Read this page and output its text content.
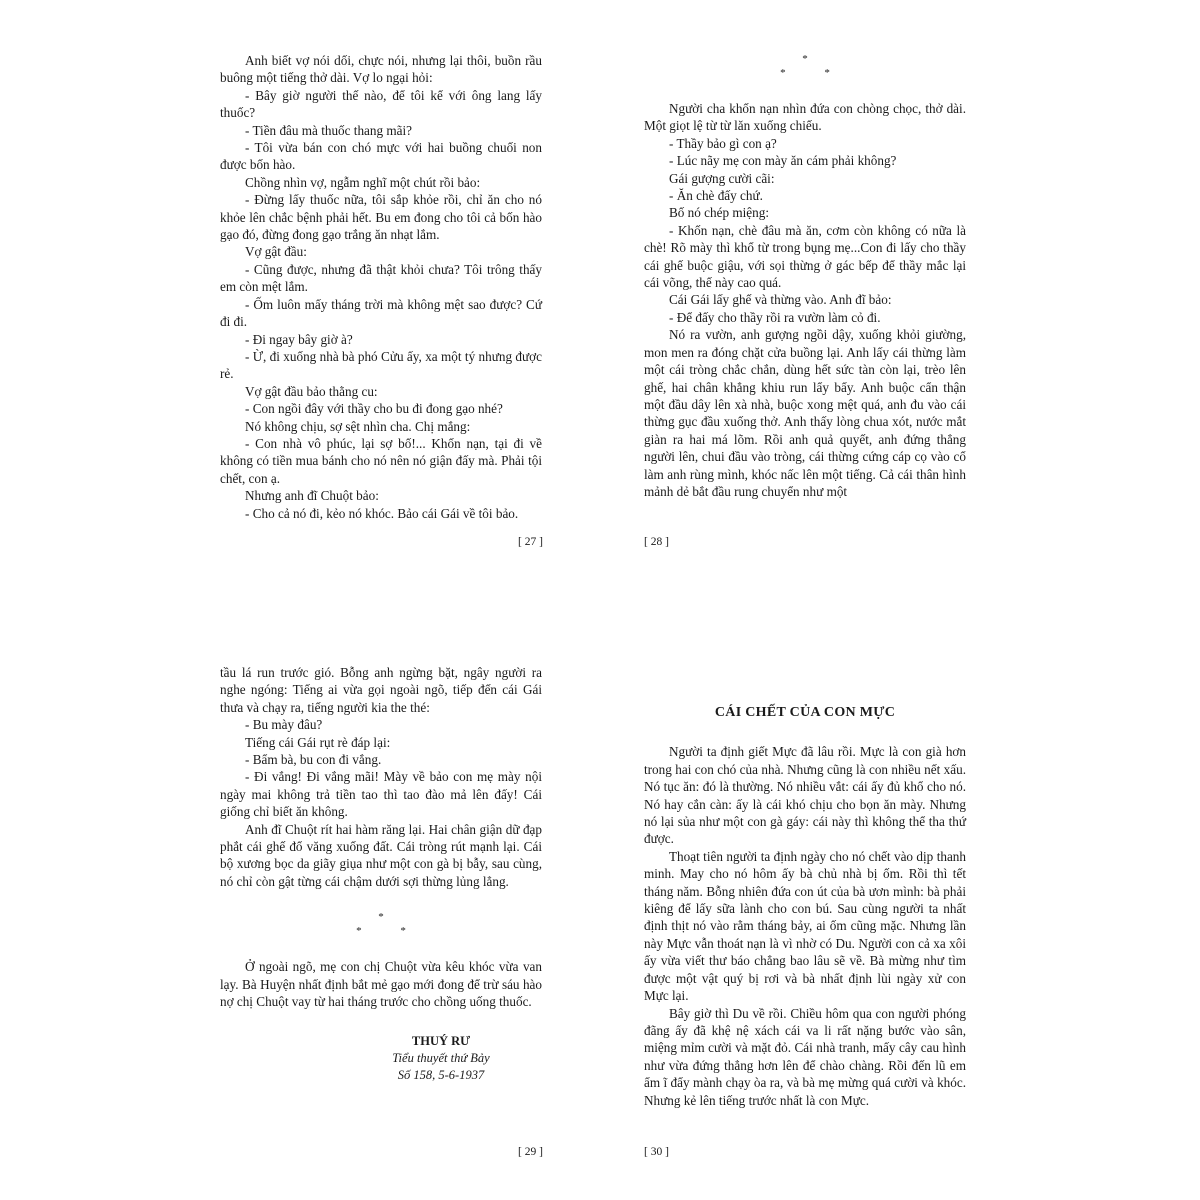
Anh biết vợ nói dối, chực nói, nhưng lại thôi, buồn rầu buông một tiếng thở dài. Vợ lo ngại hỏi:

- Bây giờ người thế nào, để tôi kể với ông lang lấy thuốc?

- Tiền đâu mà thuốc thang mãi?

- Tôi vừa bán con chó mực với hai buồng chuối non được bốn hào.

Chồng nhìn vợ, ngẫm nghĩ một chút rồi bảo:

- Đừng lấy thuốc nữa, tôi sắp khỏe rồi, chỉ ăn cho nó khỏe lên chắc bệnh phải hết. Bu em đong cho tôi cả bốn hào gạo đó, đừng đong gạo trắng ăn nhạt lắm.

Vợ gật đầu:

- Cũng được, nhưng đã thật khỏi chưa? Tôi trông thấy em còn mệt lắm.

- Ốm luôn mấy tháng trời mà không mệt sao được? Cứ đi đi.

- Đi ngay bây giờ à?

- Ừ, đi xuống nhà bà phó Cửu ấy, xa một tý nhưng được rẻ.

Vợ gật đầu bảo thằng cu:

- Con ngồi đây với thầy cho bu đi đong gạo nhé?

Nó không chịu, sợ sệt nhìn cha. Chị mắng:

- Con nhà vô phúc, lại sợ bố!... Khốn nạn, tại đi về không có tiền mua bánh cho nó nên nó giận đấy mà. Phải tội chết, con ạ.

Nhưng anh đĩ Chuột bảo:

- Cho cả nó đi, kẻo nó khóc. Bảo cái Gái về tôi bảo.

[ 27 ]
*
* *

Người cha khốn nạn nhìn đứa con chòng chọc, thở dài. Một giọt lệ từ từ lăn xuống chiếu.

- Thầy bảo gì con ạ?

- Lúc nãy mẹ con mày ăn cám phải không?

Gái gượng cười cãi:

- Ăn chè đấy chứ.

Bố nó chép miệng:

- Khốn nạn, chè đâu mà ăn, cơm còn không có nữa là chè! Rõ mày thì khổ từ trong bụng mẹ...Con đi lấy cho thầy cái ghế buộc giậu, với sọi thừng ở gác bếp để thầy mắc lại cái võng, thế này cao quá.

Cái Gái lấy ghế và thừng vào. Anh đĩ bảo:

- Để đấy cho thầy rồi ra vườn làm cỏ đi.

Nó ra vườn, anh gượng ngồi dậy, xuống khỏi giường, mon men ra đóng chặt cửa buồng lại. Anh lấy cái thừng làm một cái tròng chắc chắn, dùng hết sức tàn còn lại, trèo lên ghế, hai chân khẳng khiu run lẩy bẩy. Anh buộc cẩn thận một đầu dây lên xà nhà, buộc xong mệt quá, anh đu vào cái thừng gục đầu xuống thở. Anh thấy lòng chua xót, nước mắt giàn ra hai má lõm. Rồi anh quả quyết, anh đứng thẳng người lên, chui đầu vào tròng, cái thừng cứng cáp cọ vào cổ làm anh rùng mình, khóc nấc lên một tiếng. Cả cái thân hình mảnh dẻ bắt đầu rung chuyển như một

[ 28 ]

tầu lá run trước gió. Bỗng anh ngừng bặt, ngây người ra nghe ngóng: Tiếng ai vừa gọi ngoài ngõ, tiếp đến cái Gái thưa và chạy ra, tiếng người kia the thé:

- Bu mày đâu?

Tiếng cái Gái rụt rè đáp lại:

- Bẩm bà, bu con đi vắng.

- Đi vắng! Đi vắng mãi! Mày về bảo con mẹ mày nội ngày mai không trả tiền tao thì tao đào mả lên đấy! Cái giống chỉ biết ăn không.

Anh đĩ Chuột rít hai hàm răng lại. Hai chân giận dữ đạp phắt cái ghế đổ văng xuống đất. Cái tròng rút mạnh lại. Cái bộ xương bọc da giãy giụa như một con gà bị bẫy, sau cùng, nó chỉ còn gật từng cái chậm dưới sợi thừng lủng lẳng.

*
* *

Ở ngoài ngõ, mẹ con chị Chuột vừa kêu khóc vừa van lạy. Bà Huyện nhất định bắt mẻ gạo mới đong để trừ sáu hào nợ chị Chuột vay từ hai tháng trước cho chồng uống thuốc.

THUÝ RƯ
Tiểu thuyết thứ Bảy
Số 158, 5-6-1937
[ 29 ]
CÁI CHẾT CỦA CON MỰC

Người ta định giết Mực đã lâu rồi. Mực là con già hơn trong hai con chó của nhà. Nhưng cũng là con nhiều nết xấu. Nó tục ăn: đó là thường. Nó nhiều vắt: cái ấy đủ khổ cho nó. Nó hay cắn càn: ấy là cái khó chịu cho bọn ăn mày. Nhưng nó lại sủa như một con gà gáy: cái này thì không thể tha thứ được.

Thoạt tiên người ta định ngày cho nó chết vào dịp thanh minh. May cho nó hôm ấy bà chủ nhà bị ốm. Rồi thì tết tháng năm. Bỗng nhiên đứa con út của bà ươn mình: bà phải kiêng để lấy sữa lành cho con bú. Sau cùng người ta nhất định thịt nó vào rằm tháng bảy, ai ốm cũng mặc. Nhưng lần này Mực vẫn thoát nạn là vì nhờ có Du. Người con cả xa xôi ấy vừa viết thư báo chẳng bao lâu sẽ về. Bà mừng như tìm được một vật quý bị rơi và bà nhất định lùi ngày xử con Mực lại.

Bây giờ thì Du về rồi. Chiều hôm qua con người phóng đãng ấy đã khệ nệ xách cái va li rất nặng bước vào sân, miệng mỉm cười và mặt đỏ. Cái nhà tranh, mấy cây cau hình như vừa đứng thẳng hơn lên để chào chàng. Rồi đến lũ em ẩm ĩ đẩy mành chạy òa ra, và bà mẹ mừng quá cười và khóc. Nhưng kẻ lên tiếng trước nhất là con Mực.

[ 30 ]
